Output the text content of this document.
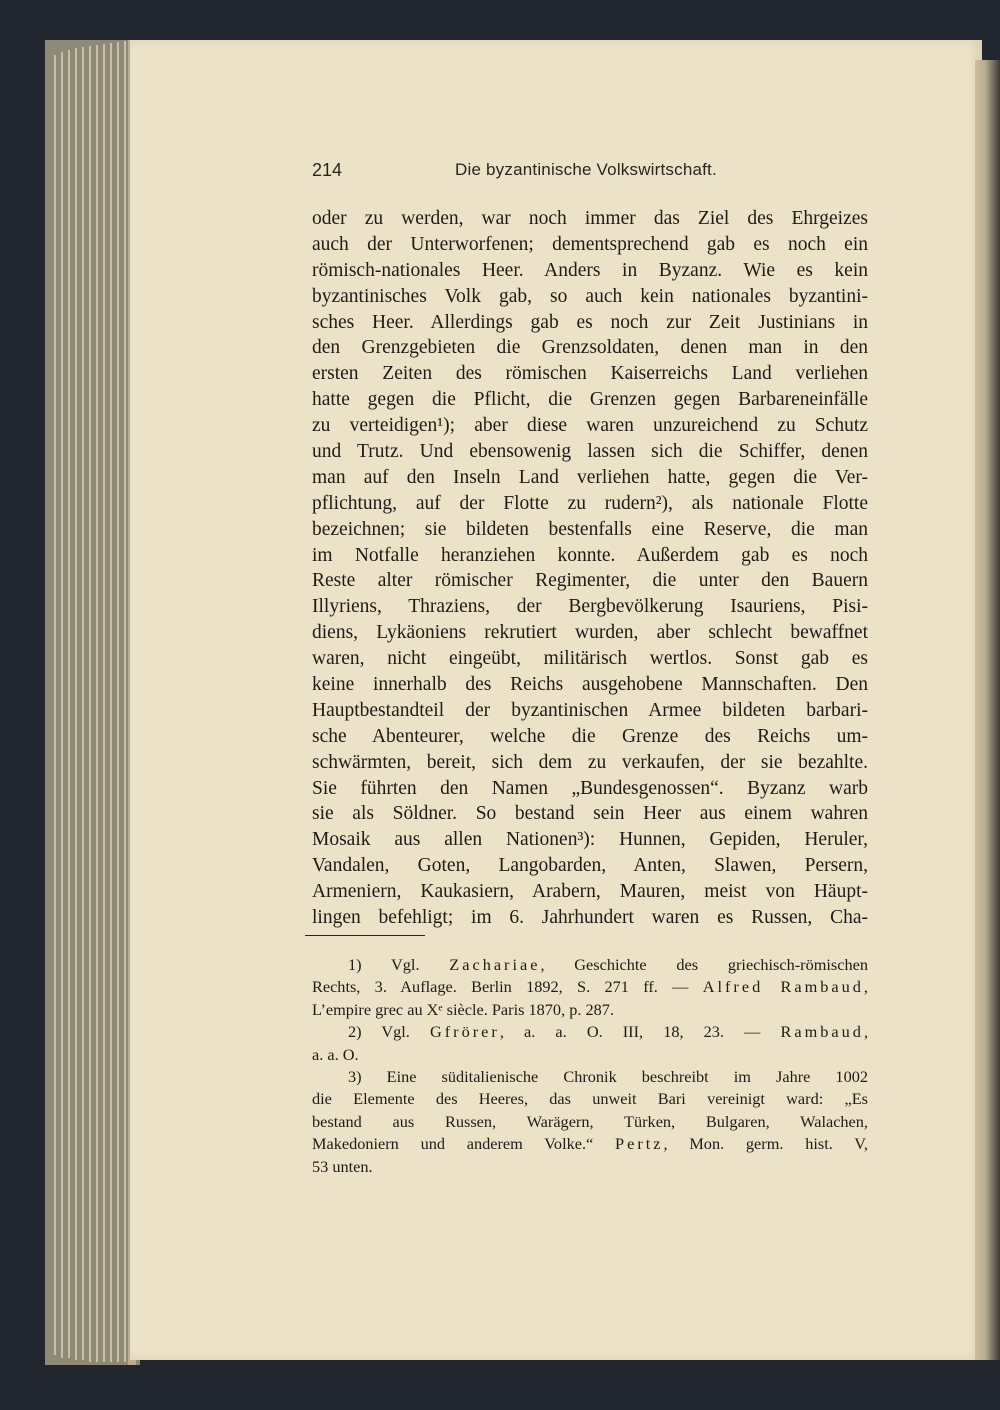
214	Die byzantinische Volkswirtschaft.
oder zu werden, war noch immer das Ziel des Ehrgeizes
auch der Unterworfenen; dementsprechend gab es noch ein
römisch-nationales Heer. Anders in Byzanz. Wie es kein
byzantinisches Volk gab, so auch kein nationales byzantini-
sches Heer. Allerdings gab es noch zur Zeit Justinians in
den Grenzgebieten die Grenzsoldaten, denen man in den
ersten Zeiten des römischen Kaiserreichs Land verliehen
hatte gegen die Pflicht, die Grenzen gegen Barbareneinfälle
zu verteidigen¹); aber diese waren unzureichend zu Schutz
und Trutz. Und ebensowenig lassen sich die Schiffer, denen
man auf den Inseln Land verliehen hatte, gegen die Ver-
pflichtung, auf der Flotte zu rudern²), als nationale Flotte
bezeichnen; sie bildeten bestenfalls eine Reserve, die man
im Notfalle heranziehen konnte. Außerdem gab es noch
Reste alter römischer Regimenter, die unter den Bauern
Illyriens, Thraziens, der Bergbevölkerung Isauriens, Pisi-
diens, Lykäoniens rekrutiert wurden, aber schlecht bewaffnet
waren, nicht eingeübt, militärisch wertlos. Sonst gab es
keine innerhalb des Reichs ausgehobene Mannschaften. Den
Hauptbestandteil der byzantinischen Armee bildeten barbari-
sche Abenteurer, welche die Grenze des Reichs um-
schwärmten, bereit, sich dem zu verkaufen, der sie bezahlte.
Sie führten den Namen „Bundesgenossen“. Byzanz warb
sie als Söldner. So bestand sein Heer aus einem wahren
Mosaik aus allen Nationen³): Hunnen, Gepiden, Heruler,
Vandalen, Goten, Langobarden, Anten, Slawen, Persern,
Armeniern, Kaukasiern, Arabern, Mauren, meist von Häupt-
lingen befehligt; im 6. Jahrhundert waren es Russen, Cha-
1) Vgl. Zachariae, Geschichte des griechisch-römischen
Rechts, 3. Auflage. Berlin 1892, S. 271 ff. — Alfred Rambaud,
L’empire grec au Xᵉ siècle. Paris 1870, p. 287.
2) Vgl. Gfrörer, a. a. O. III, 18, 23. — Rambaud,
a. a. O.
3) Eine süditalienische Chronik beschreibt im Jahre 1002
die Elemente des Heeres, das unweit Bari vereinigt ward: „Es
bestand aus Russen, Warägern, Türken, Bulgaren, Walachen,
Makedoniern und anderem Volke.“ Pertz, Mon. germ. hist. V,
53 unten.
